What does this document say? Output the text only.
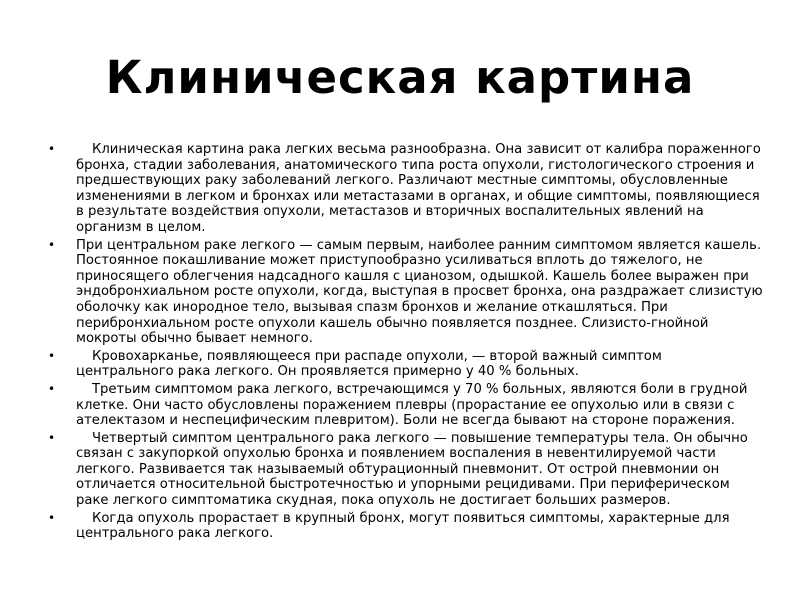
Клиническая картина
•	Клиническая картина рака легких весьма разнообразна. Она зависит от калибра пораженного бронха, стадии заболевания, анатомического типа роста опухоли, гистологического строения и предшествующих раку заболеваний легкого. Различают местные симптомы, обусловленные изменениями в легком и бронхах или метастазами в органах, и общие симптомы, появляющиеся в результате воздействия опухоли, метастазов и вторичных воспалительных явлений на организм в целом.
• При центральном раке легкого — самым первым, наиболее ранним симптомом является кашель. Постоянное покашливание может приступообразно усиливаться вплоть до тяжелого, не приносящего облегчения надсадного кашля с цианозом, одышкой. Кашель более выражен при эндобронхиальном росте опухоли, когда, выступая в просвет бронха, она раздражает слизистую оболочку как инородное тело, вызывая спазм бронхов и желание откашляться. При перибронхиальном росте опухоли кашель обычно появляется позднее. Слизисто-гнойной мокроты обычно бывает немного.
•	Кровохарканье, появляющееся при распаде опухоли, — второй важный симптом центрального рака легкого. Он проявляется примерно у 40 % больных.
•	Третьим симптомом рака легкого, встречающимся у 70 % больных, являются боли в грудной клетке. Они часто обусловлены поражением плевры (прорастание ее опухолью или в связи с ателектазом и неспецифическим плевритом). Боли не всегда бывают на стороне поражения.
•	Четвертый симптом центрального рака легкого — повышение температуры тела. Он обычно связан с закупоркой опухолью бронха и появлением воспаления в невентилируемой части легкого. Развивается так называемый обтурационный пневмонит. От острой пневмонии он отличается относительной быстротечностью и упорными рецидивами. При периферическом раке легкого симптоматика скудная, пока опухоль не достигает больших размеров.
•	Когда опухоль прорастает в крупный бронх, могут появиться симптомы, характерные для центрального рака легкого.
